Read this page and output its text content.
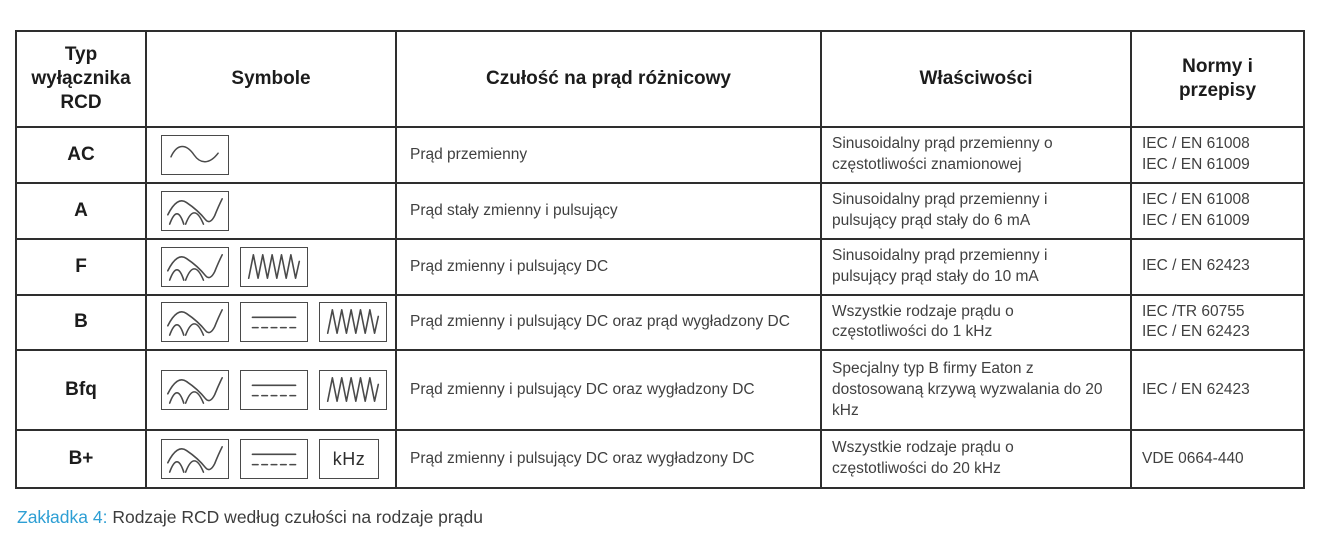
Typ wyłącznika RCD	Symbole	Czułość na prąd różnicowy	Właściwości	Normy i przepisy
AC		Prąd przemienny	Sinusoidalny prąd przemienny o częstotliwości znamionowej	IEC / EN 61008
IEC / EN 61009

A		Prąd stały zmienny i pulsujący	Sinusoidalny prąd przemienny i pulsujący prąd stały do 6 mA	IEC / EN 61008
IEC / EN 61009

F		Prąd zmienny i pulsujący DC	Sinusoidalny prąd przemienny i pulsujący prąd stały do 10 mA	IEC / EN 62423

B		Prąd zmienny i pulsujący DC oraz prąd wygładzony DC	Wszystkie rodzaje prądu o częstotliwości do 1 kHz	IEC /TR 60755
IEC / EN 62423

Bfq		Prąd zmienny i pulsujący DC oraz wygładzony DC	Specjalny typ B firmy Eaton z dostosowaną krzywą wyzwalania do 20 kHz	IEC / EN 62423

B+	kHz	Prąd zmienny i pulsujący DC oraz wygładzony DC	Wszystkie rodzaje prądu o częstotliwości do 20 kHz	VDE 0664-440

Zakładka 4: Rodzaje RCD według czułości na rodzaje prądu
